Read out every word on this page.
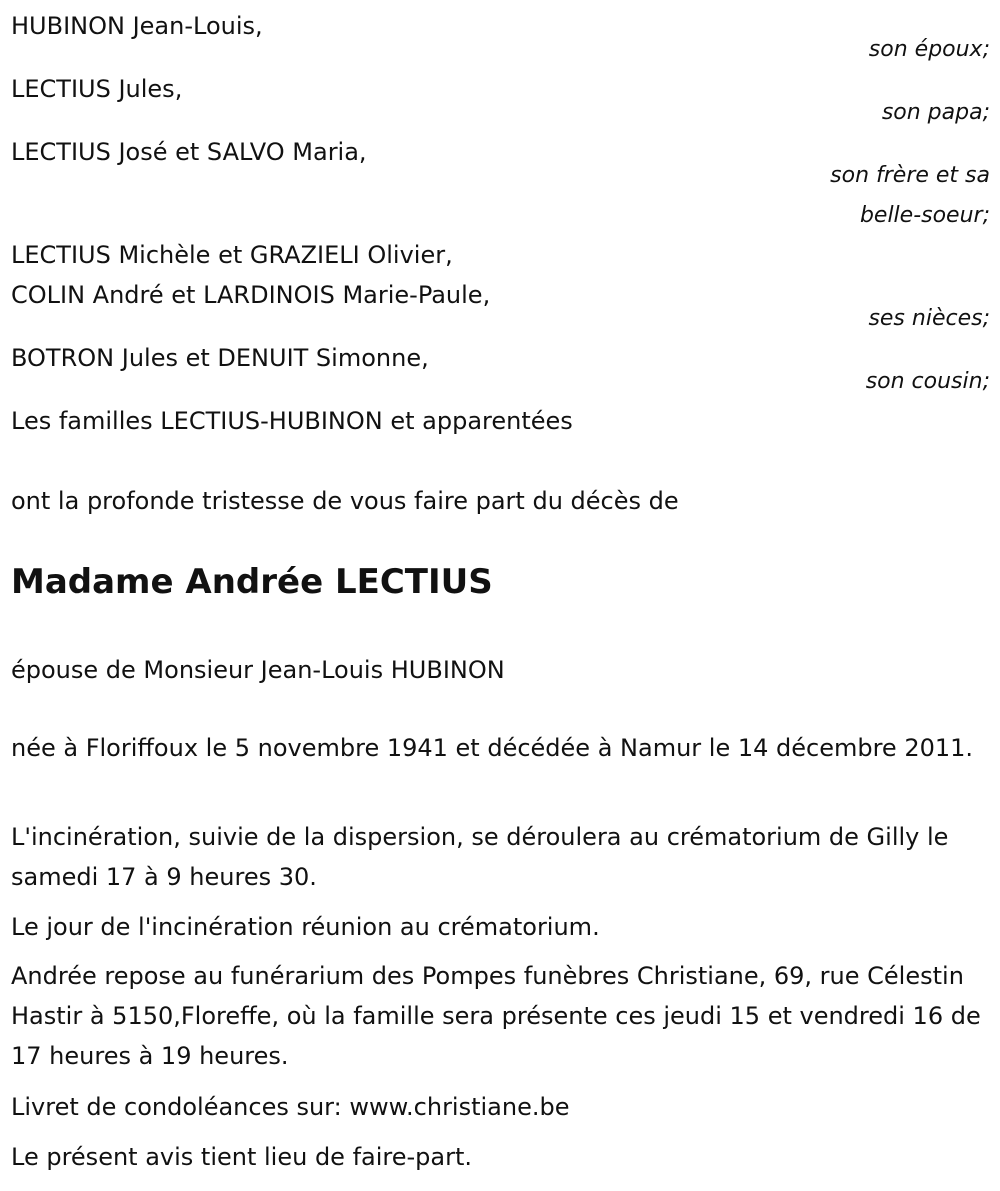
HUBINON Jean-Louis,
son époux;
LECTIUS Jules,
son papa;
LECTIUS José et SALVO Maria,
son frère et sa
belle-soeur;
LECTIUS Michèle et GRAZIELI Olivier,
COLIN André et LARDINOIS Marie-Paule,
ses nièces;
BOTRON Jules et DENUIT Simonne,
son cousin;
Les familles LECTIUS-HUBINON et apparentées
ont la profonde tristesse de vous faire part du décès de
Madame Andrée LECTIUS
épouse de Monsieur Jean-Louis HUBINON
née à Floriffoux le 5 novembre 1941 et décédée à Namur le 14 décembre 2011.
L'incinération, suivie de la dispersion, se déroulera au crématorium de Gilly le samedi 17 à 9 heures 30.
Le jour de l'incinération réunion au crématorium.
Andrée repose au funérarium des Pompes funèbres Christiane, 69, rue Célestin Hastir à 5150,Floreffe, où la famille sera présente ces jeudi 15 et vendredi 16 de 17 heures à 19 heures.
Livret de condoléances sur: www.christiane.be
Le présent avis tient lieu de faire-part.
